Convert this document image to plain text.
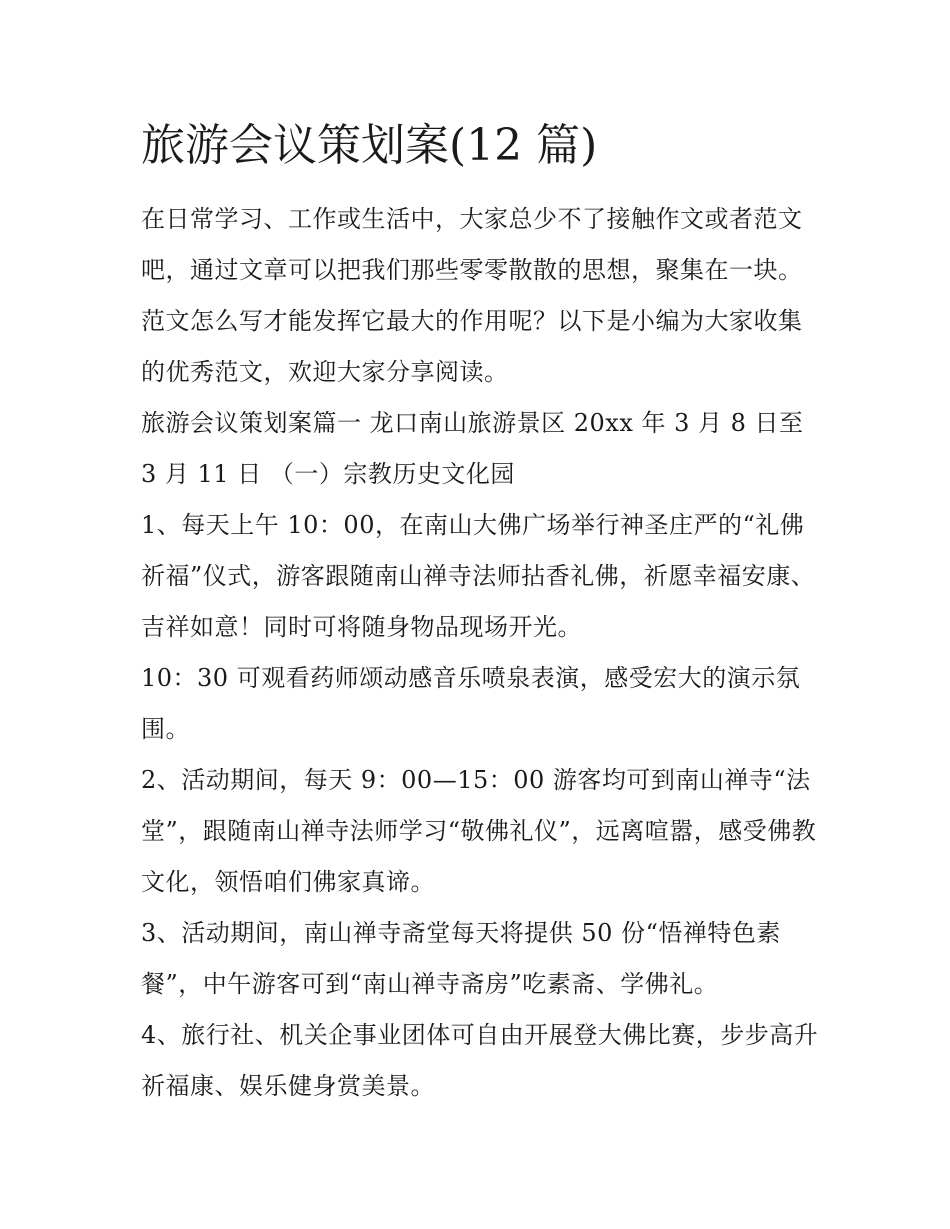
旅游会议策划案(12 篇)

在日常学习、工作或生活中，大家总少不了接触作文或者范文吧，通过文章可以把我们那些零零散散的思想，聚集在一块。范文怎么写才能发挥它最大的作用呢？以下是小编为大家收集的优秀范文，欢迎大家分享阅读。

旅游会议策划案篇一 龙口南山旅游景区 20xx 年 3 月 8 日至 3 月 11 日 （一）宗教历史文化园

1、每天上午 10：00，在南山大佛广场举行神圣庄严的“礼佛祈福”仪式，游客跟随南山禅寺法师拈香礼佛，祈愿幸福安康、吉祥如意！同时可将随身物品现场开光。

10：30 可观看药师颂动感音乐喷泉表演，感受宏大的演示氛围。

2、活动期间，每天 9：00—15：00 游客均可到南山禅寺“法堂”，跟随南山禅寺法师学习“敬佛礼仪”，远离喧嚣，感受佛教文化，领悟咱们佛家真谛。

3、活动期间，南山禅寺斋堂每天将提供 50 份“悟禅特色素餐”，中午游客可到“南山禅寺斋房”吃素斋、学佛礼。

4、旅行社、机关企事业团体可自由开展登大佛比赛，步步高升祈福康、娱乐健身赏美景。
